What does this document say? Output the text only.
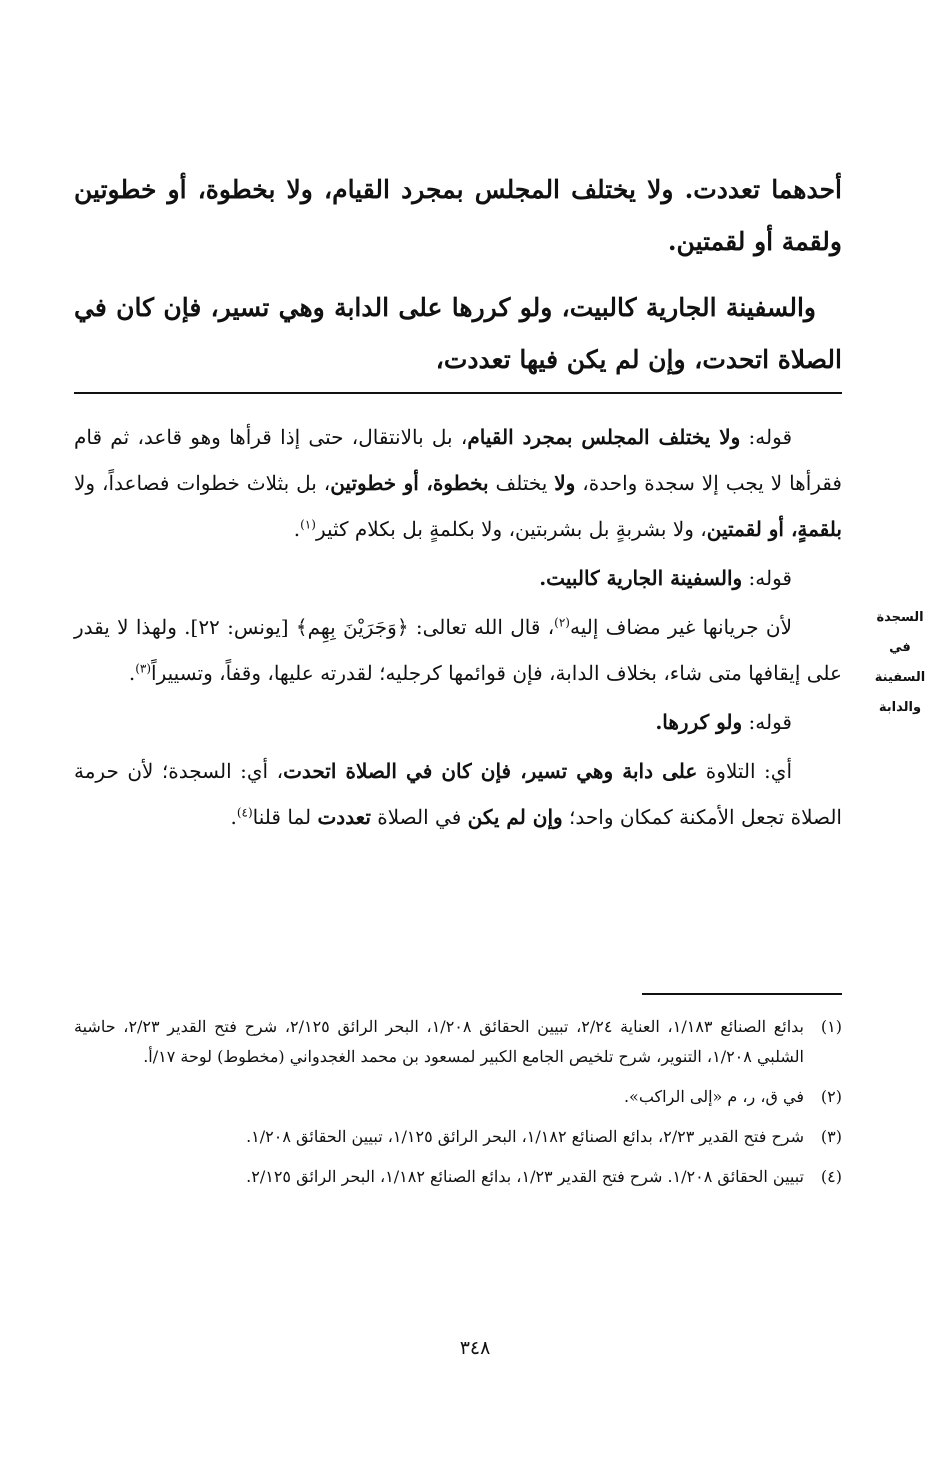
أحدهما تعددت. ولا يختلف المجلس بمجرد القيام، ولا بخطوة، أو خطوتين ولقمة أو لقمتين.

والسفينة الجارية كالبيت، ولو كررها على الدابة وهي تسير، فإن كان في الصلاة اتحدت، وإن لم يكن فيها تعددت،

السجدة
في
السفينة
والدابة

قوله: ولا يختلف المجلس بمجرد القيام، بل بالانتقال، حتى إذا قرأها وهو قاعد، ثم قام فقرأها لا يجب إلا سجدة واحدة، ولا يختلف بخطوة، أو خطوتين، بل بثلاث خطوات فصاعداً، ولا بلقمةٍ، أو لقمتين، ولا بشربةٍ بل بشربتين، ولا بكلمةٍ بل بكلام كثير$^{(١)}$.

قوله: والسفينة الجارية كالبيت.

لأن جريانها غير مضاف إليه$^{(٢)}$، قال الله تعالى: ﴿وَجَرَيْنَ بِهِم﴾ [يونس: ٢٢]. ولهذا لا يقدر على إيقافها متى شاء، بخلاف الدابة، فإن قوائمها كرجليه؛ لقدرته عليها، وقفاً، وتسييراً$^{(٣)}$.

قوله: ولو كررها.

أي: التلاوة على دابة وهي تسير، فإن كان في الصلاة اتحدت، أي: السجدة؛ لأن حرمة الصلاة تجعل الأمكنة كمكان واحد؛ وإن لم يكن في الصلاة تعددت لما قلنا$^{(٤)}$.

(١)
بدائع الصنائع ١/١٨٣، العناية ٢/٢٤، تبيين الحقائق ١/٢٠٨، البحر الرائق ٢/١٢٥، شرح فتح القدير ٢/٢٣، حاشية الشلبي ١/٢٠٨، التنوير، شرح تلخيص الجامع الكبير لمسعود بن محمد الغجدواني (مخطوط) لوحة ١٧/أ.
(٢)
في ق، ر، م «إلى الراكب».
(٣)
شرح فتح القدير ٢/٢٣، بدائع الصنائع ١/١٨٢، البحر الرائق ١/١٢٥، تبيين الحقائق ١/٢٠٨.
(٤)
تبيين الحقائق ١/٢٠٨. شرح فتح القدير ١/٢٣، بدائع الصنائع ١/١٨٢، البحر الرائق ٢/١٢٥.
٣٤٨
